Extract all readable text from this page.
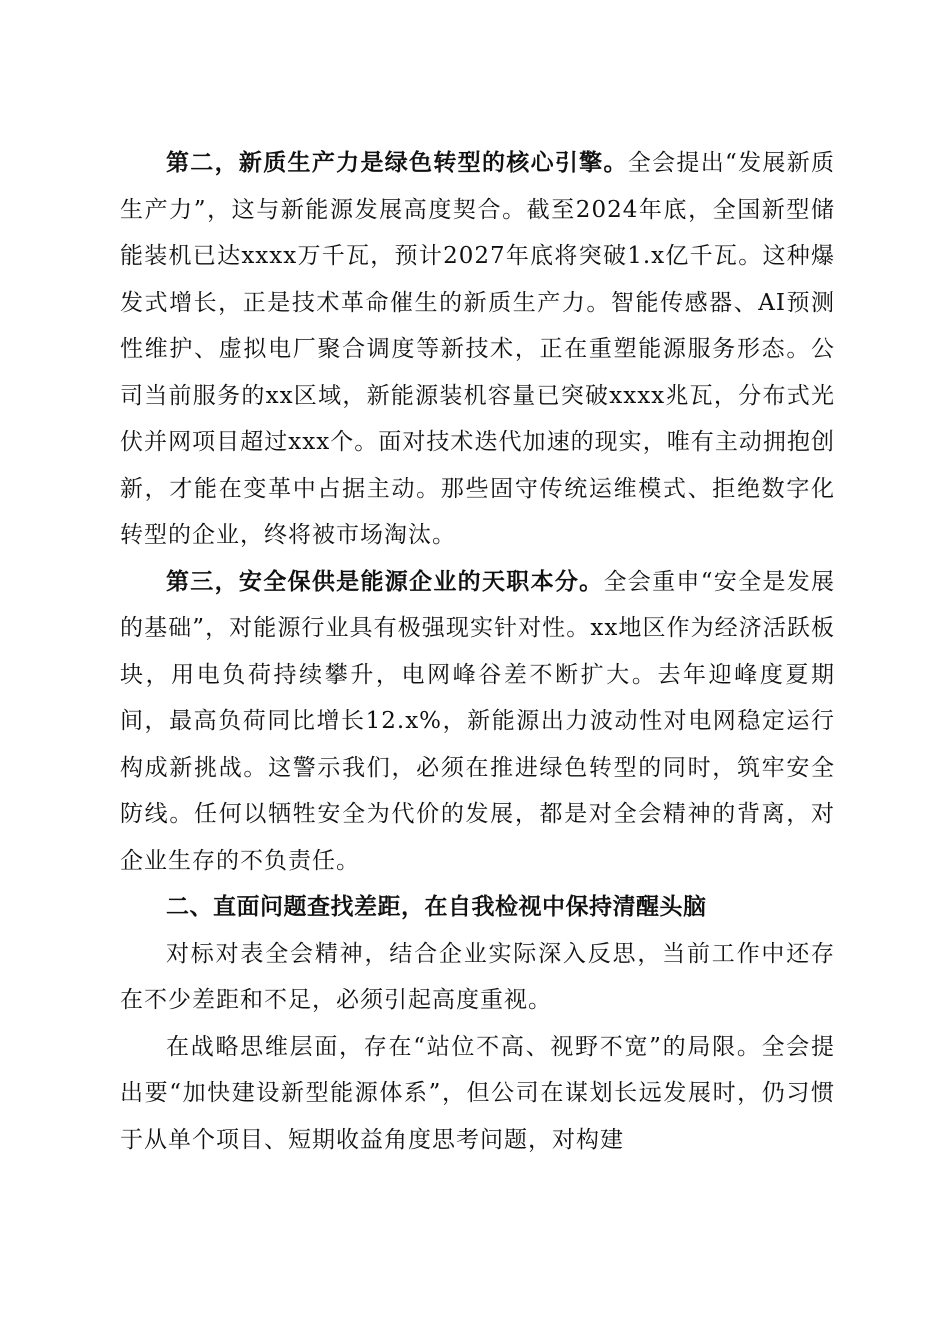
第二，新质生产力是绿色转型的核心引擎。全会提出“发展新质生产力”，这与新能源发展高度契合。截至2024年底，全国新型储能装机已达xxxx万千瓦，预计2027年底将突破1.x亿千瓦。这种爆发式增长，正是技术革命催生的新质生产力。智能传感器、AI预测性维护、虚拟电厂聚合调度等新技术，正在重塑能源服务形态。公司当前服务的xx区域，新能源装机容量已突破xxxx兆瓦，分布式光伏并网项目超过xxx个。面对技术迭代加速的现实，唯有主动拥抱创新，才能在变革中占据主动。那些固守传统运维模式、拒绝数字化转型的企业，终将被市场淘汰。

第三，安全保供是能源企业的天职本分。全会重申“安全是发展的基础”，对能源行业具有极强现实针对性。xx地区作为经济活跃板块，用电负荷持续攀升，电网峰谷差不断扩大。去年迎峰度夏期间，最高负荷同比增长12.x%，新能源出力波动性对电网稳定运行构成新挑战。这警示我们，必须在推进绿色转型的同时，筑牢安全防线。任何以牺牲安全为代价的发展，都是对全会精神的背离，对企业生存的不负责任。

二、直面问题查找差距，在自我检视中保持清醒头脑

对标对表全会精神，结合企业实际深入反思，当前工作中还存在不少差距和不足，必须引起高度重视。

在战略思维层面，存在“站位不高、视野不宽”的局限。全会提出要“加快建设新型能源体系”，但公司在谋划长远发展时，仍习惯于从单个项目、短期收益角度思考问题，对构建
